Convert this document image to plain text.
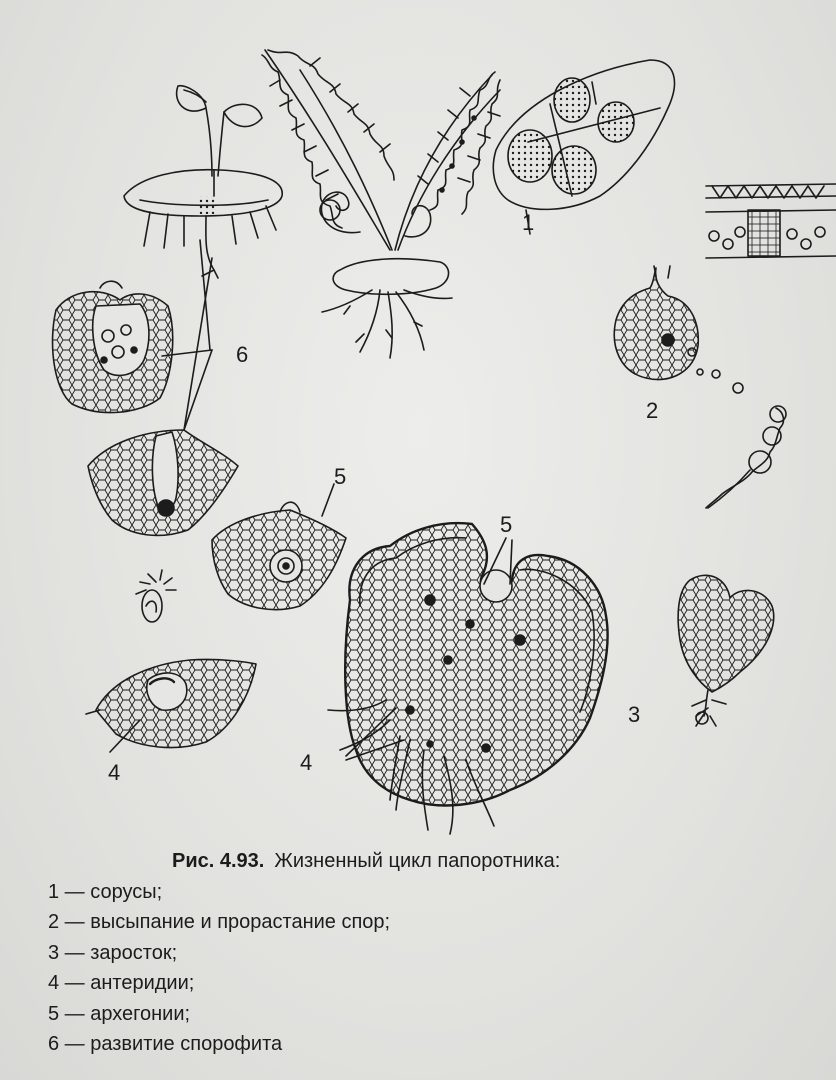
1
2
3
4	4
5
5
6
Рис. 4.93. Жизненный цикл папоротника:
1 — сорусы;
2 — высыпание и прорастание спор;
3 — заросток;
4 — антеридии;
5 — архегонии;
6 — развитие спорофита
